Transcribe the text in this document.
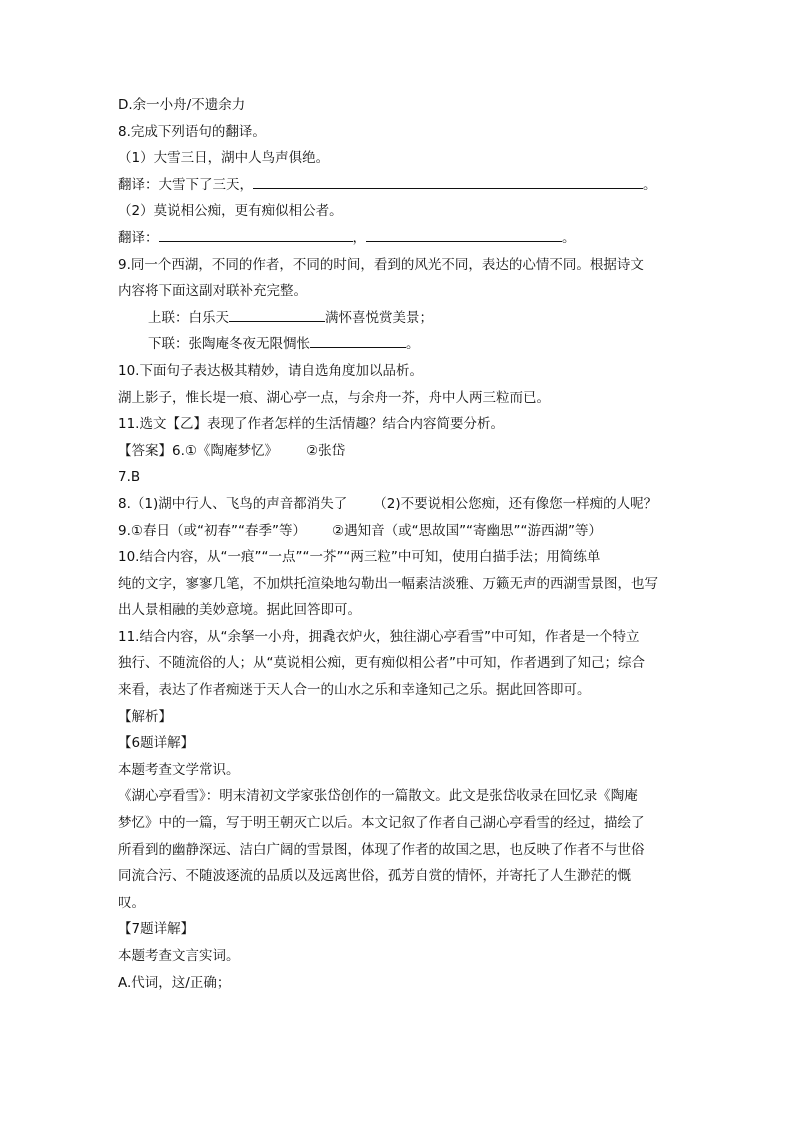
D.余一小舟/不遗余力
8.完成下列语句的翻译。
（1）大雪三日，湖中人鸟声俱绝。
翻译：大雪下了三天，	。
（2）莫说相公痴，更有痴似相公者。
翻译：	，	。
9.同一个西湖，不同的作者，不同的时间，看到的风光不同，表达的心情不同。根据诗文
内容将下面这副对联补充完整。
上联：白乐天	满怀喜悦赏美景；
下联：张陶庵冬夜无限惆怅	。
10.下面句子表达极其精妙，请自选角度加以品析。
湖上影子，惟长堤一痕、湖心亭一点，与余舟一芥，舟中人两三粒而已。
11.选文【乙】表现了作者怎样的生活情趣？结合内容简要分析。
【答案】6.①《陶庵梦忆》 ②张岱
7.B
8.（1)湖中行人、飞鸟的声音都消失了 （2)不要说相公您痴，还有像您一样痴的人呢？
9.①春日（或“初春”“春季”等） ②遇知音（或“思故国”“寄幽思”“游西湖”等）
10.结合内容，从“一痕”“一点”“一芥”“两三粒”中可知，使用白描手法；用简练单
纯的文字，寥寥几笔，不加烘托渲染地勾勒出一幅素洁淡雅、万籁无声的西湖雪景图，也写
出人景相融的美妙意境。据此回答即可。
11.结合内容，从“余拏一小舟，拥毳衣炉火，独往湖心亭看雪”中可知，作者是一个特立
独行、不随流俗的人；从“莫说相公痴，更有痴似相公者”中可知，作者遇到了知己；综合
来看，表达了作者痴迷于天人合一的山水之乐和幸逢知己之乐。据此回答即可。
【解析】
【6题详解】
本题考查文学常识。
《湖心亭看雪》：明末清初文学家张岱创作的一篇散文。此文是张岱收录在回忆录《陶庵
梦忆》中的一篇，写于明王朝灭亡以后。本文记叙了作者自己湖心亭看雪的经过，描绘了
所看到的幽静深远、洁白广阔的雪景图，体现了作者的故国之思，也反映了作者不与世俗
同流合污、不随波逐流的品质以及远离世俗，孤芳自赏的情怀，并寄托了人生渺茫的慨
叹。
【7题详解】
本题考查文言实词。
A.代词，这/正确；
